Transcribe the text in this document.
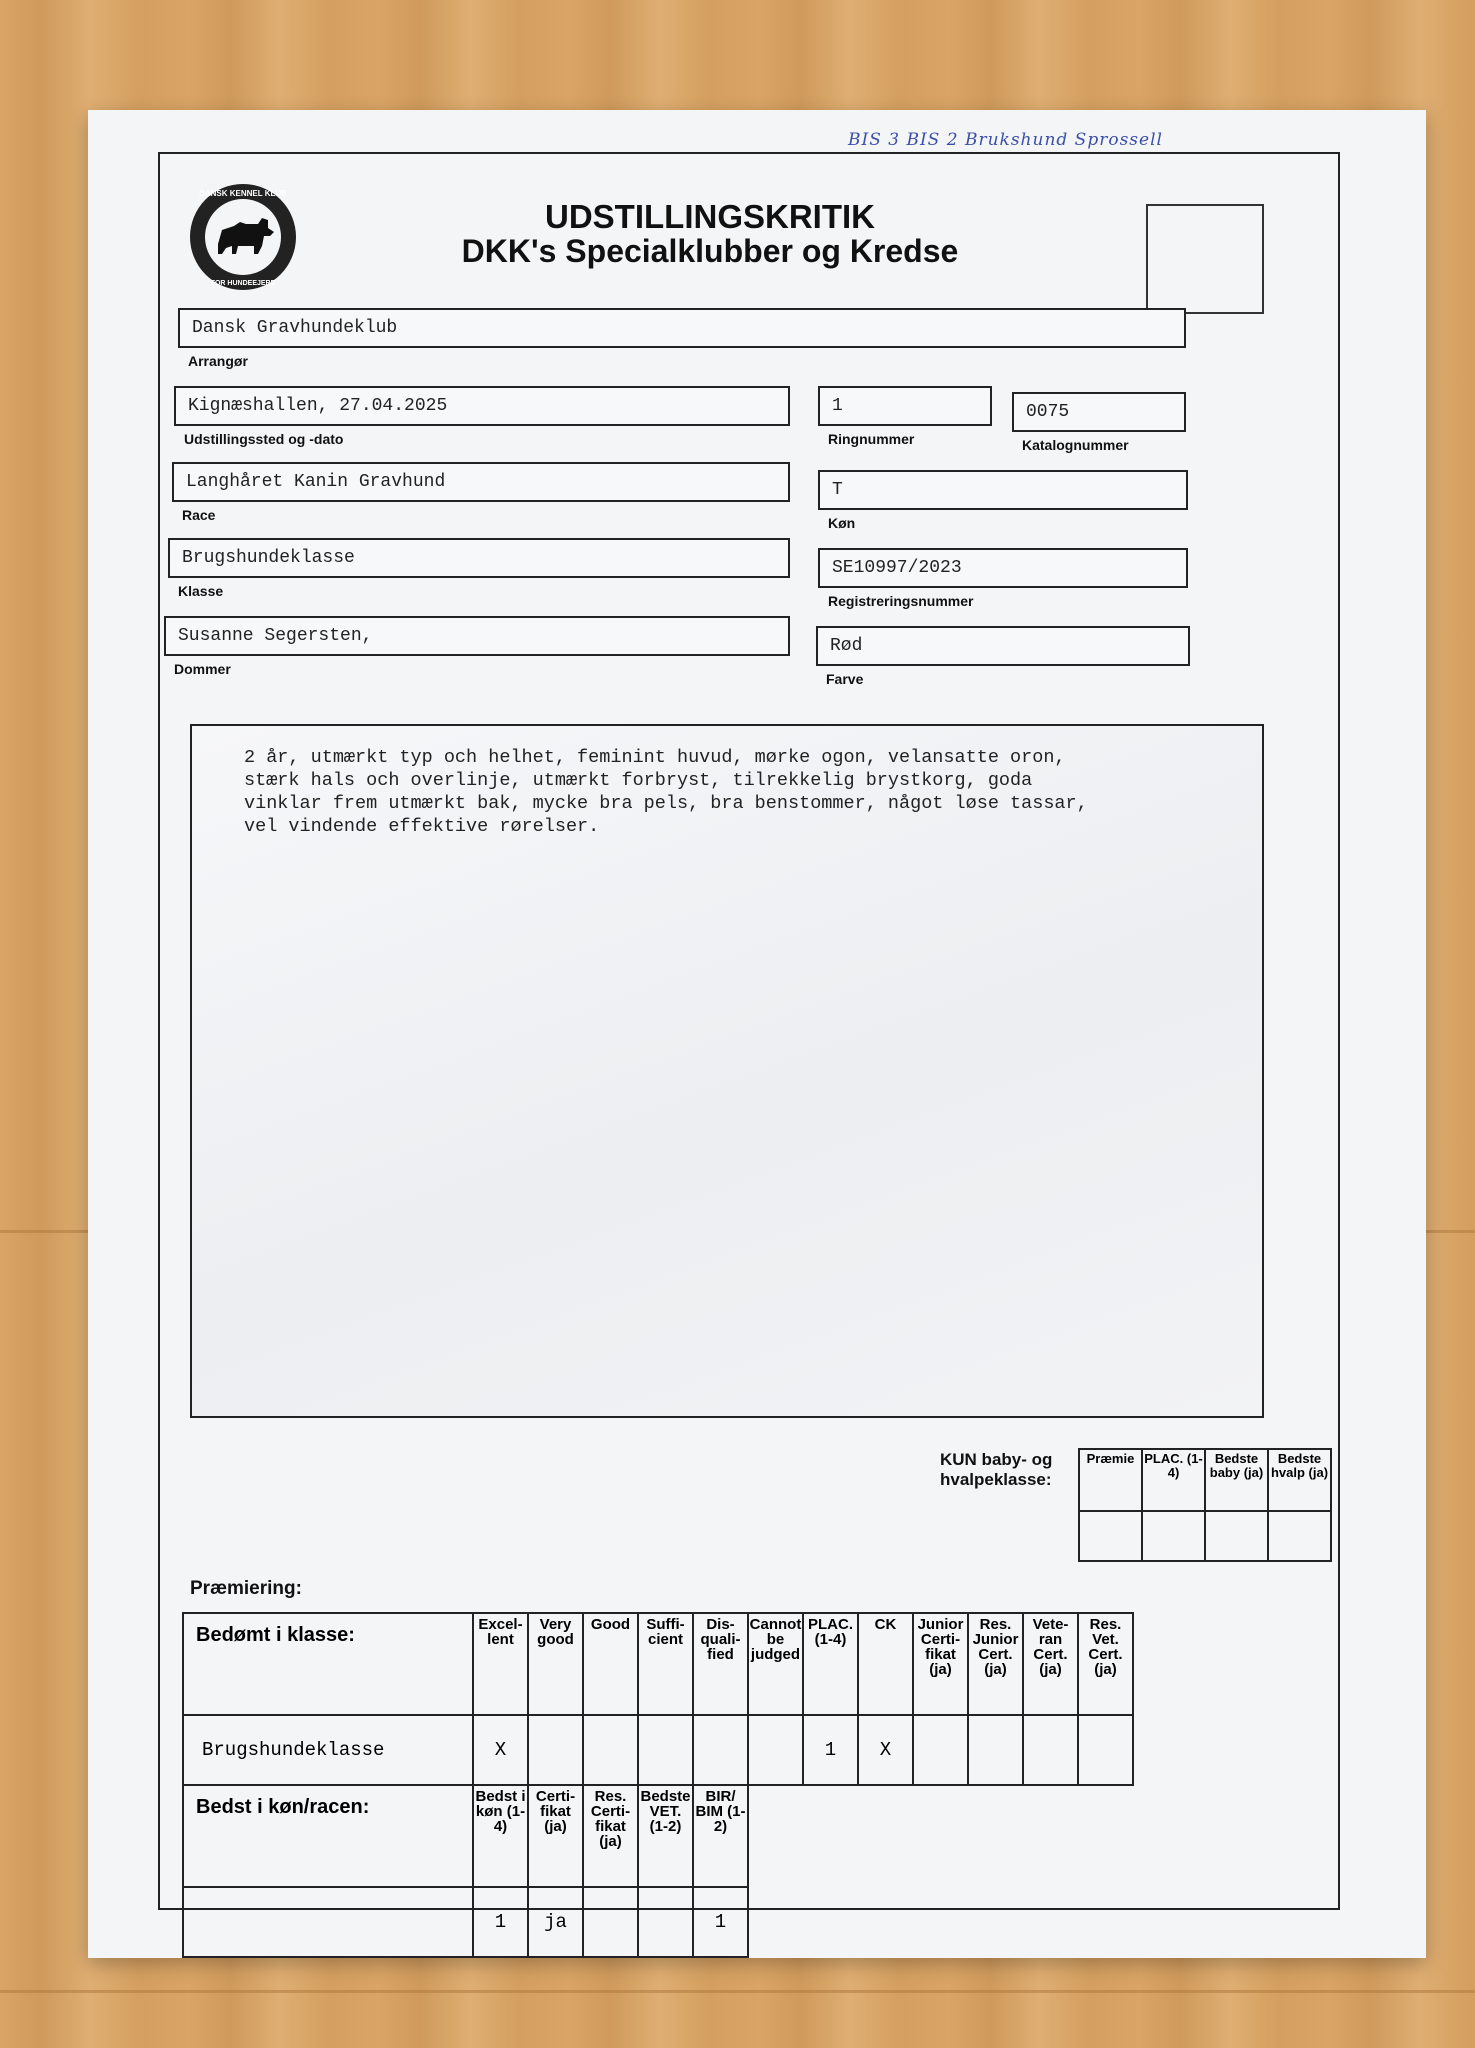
BIS 3 BIS 2 Brukshund Sprossell
DANSK KENNEL KLUB
FOR HUNDEEJERE
UDSTILLINGSKRITIK
DKK's Specialklubber og Kredse
Dansk Gravhundeklub
Arrangør
Kignæshallen, 27.04.2025
Udstillingssted og -dato
1
Ringnummer
0075
Katalognummer
Langhåret Kanin Gravhund
Race
T
Køn
Brugshundeklasse
Klasse
SE10997/2023
Registreringsnummer
Susanne Segersten,
Dommer
Rød
Farve
2 år, utmærkt typ och helhet, feminint huvud, mørke ogon, velansatte oron,
stærk hals och overlinje, utmærkt forbryst, tilrekkelig brystkorg, goda
vinklar frem utmærkt bak, mycke bra pels, bra benstommer, något løse tassar,
vel vindende effektive rørelser.
KUN baby- og hvalpeklasse:
Præmie	PLAC. (1-4)	Bedste baby (ja)	Bedste hvalp (ja)

Præmiering:
Bedømt i klasse:	Excel-lent	Very good	Good	Suffi-cient	Dis-quali-fied	Cannot be judged	PLAC. (1-4)	CK	Junior Certi-fikat (ja)	Res. Junior Cert. (ja)	Vete-ran Cert. (ja)	Res. Vet. Cert. (ja)
Brugshundeklasse	X						1	X				
Bedst i køn/racen:	Bedst i køn (1-4)	Certi-fikat (ja)	Res. Certi-fikat (ja)	Bedste VET. (1-2)	BIR/ BIM (1-2)							
	1	ja			1							
